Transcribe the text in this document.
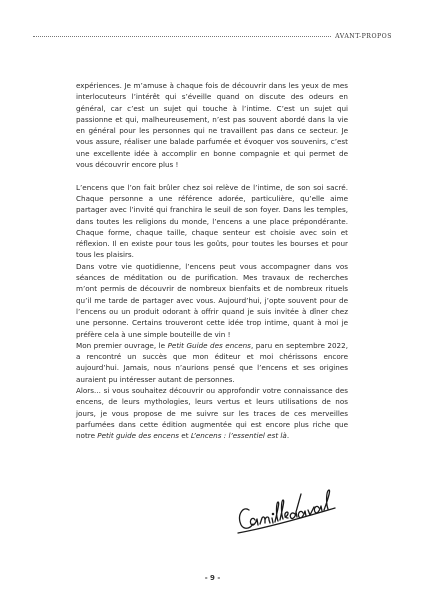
AVANT-PROPOS

expériences. Je m’amuse à chaque fois de découvrir dans les yeux de mes interlocuteurs l’intérêt qui s’éveille quand on discute des odeurs en général, car c’est un sujet qui touche à l’intime. C’est un sujet qui passionne et qui, malheureusement, n’est pas souvent abordé dans la vie en général pour les personnes qui ne travaillent pas dans ce secteur. Je vous assure, réaliser une balade parfumée et évoquer vos souvenirs, c’est une excellente idée à accomplir en bonne compagnie et qui permet de vous découvrir encore plus !

L’encens que l’on fait brûler chez soi relève de l’intime, de son soi sacré. Chaque personne a une référence adorée, particulière, qu’elle aime partager avec l’invité qui franchira le seuil de son foyer. Dans les temples, dans toutes les religions du monde, l’encens a une place prépondérante. Chaque forme, chaque taille, chaque senteur est choisie avec soin et réflexion. Il en existe pour tous les goûts, pour toutes les bourses et pour tous les plaisirs.

Dans votre vie quotidienne, l’encens peut vous accompagner dans vos séances de méditation ou de purification. Mes travaux de recherches m’ont permis de découvrir de nombreux bienfaits et de nombreux rituels qu’il me tarde de partager avec vous. Aujourd’hui, j’opte souvent pour de l’encens ou un produit odorant à offrir quand je suis invitée à dîner chez une personne. Certains trouveront cette idée trop intime, quant à moi je préfère cela à une simple bouteille de vin !

Mon premier ouvrage, le Petit Guide des encens, paru en septembre 2022, a rencontré un succès que mon éditeur et moi chérissons encore aujourd’hui. Jamais, nous n’aurions pensé que l’encens et ses origines auraient pu intéresser autant de personnes.

Alors... si vous souhaitez découvrir ou approfondir votre connaissance des encens, de leurs mythologies, leurs vertus et leurs utilisations de nos jours, je vous propose de me suivre sur les traces de ces merveilles parfumées dans cette édition augmentée qui est encore plus riche que notre Petit guide des encens et L’encens : l’essentiel est là.

- 9 -
